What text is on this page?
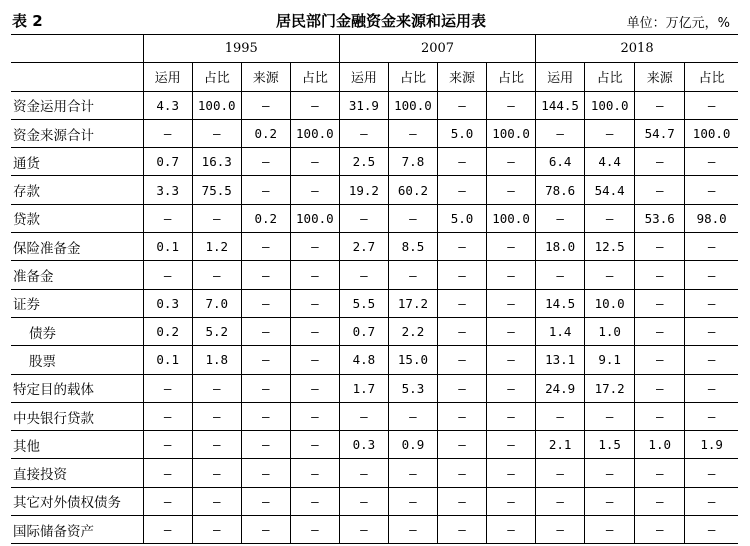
表 2	居民部门金融资金来源和运用表	单位：万亿元，%
	1995				2007				2018			
	运用	占比	来源	占比	运用	占比	来源	占比	运用	占比	来源	占比
资金运用合计	4.3	100.0	–	–	31.9	100.0	–	–	144.5	100.0	–	–
资金来源合计	–	–	0.2	100.0	–	–	5.0	100.0	–	–	54.7	100.0
通货	0.7	16.3	–	–	2.5	7.8	–	–	6.4	4.4	–	–
存款	3.3	75.5	–	–	19.2	60.2	–	–	78.6	54.4	–	–
贷款	–	–	0.2	100.0	–	–	5.0	100.0	–	–	53.6	98.0
保险准备金	0.1	1.2	–	–	2.7	8.5	–	–	18.0	12.5	–	–
准备金	–	–	–	–	–	–	–	–	–	–	–	–
证券	0.3	7.0	–	–	5.5	17.2	–	–	14.5	10.0	–	–
债券	0.2	5.2	–	–	0.7	2.2	–	–	1.4	1.0	–	–
股票	0.1	1.8	–	–	4.8	15.0	–	–	13.1	9.1	–	–
特定目的载体	–	–	–	–	1.7	5.3	–	–	24.9	17.2	–	–
中央银行贷款	–	–	–	–	–	–	–	–	–	–	–	–
其他	–	–	–	–	0.3	0.9	–	–	2.1	1.5	1.0	1.9
直接投资	–	–	–	–	–	–	–	–	–	–	–	–
其它对外债权债务	–	–	–	–	–	–	–	–	–	–	–	–
国际储备资产	–	–	–	–	–	–	–	–	–	–	–	–
